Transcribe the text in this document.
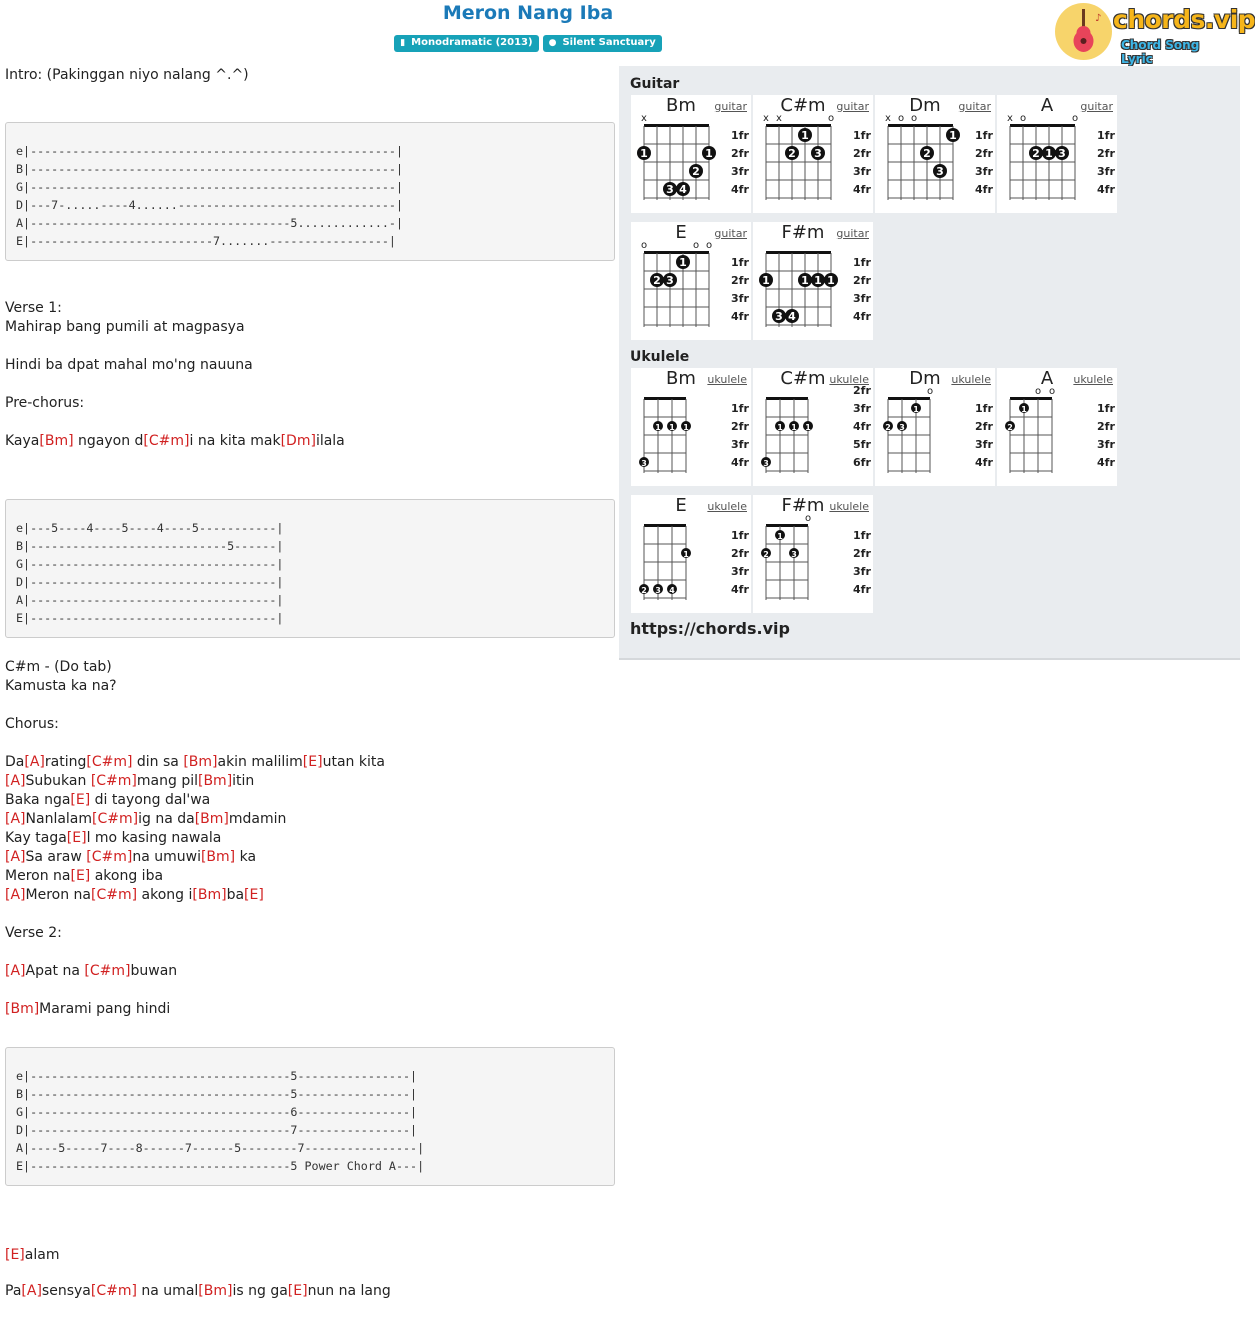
Meron Nang Iba
▮ Monodramatic (2013) ● Silent Sanctuary
♪ chords.vip
Chord Song Lyric
Intro: (Pakinggan niyo nalang ^.^)
e|----------------------------------------------------|
B|----------------------------------------------------|
G|----------------------------------------------------|
D|---7-.....----4......-------------------------------|
A|-------------------------------------5.............-|
E|--------------------------7.......-----------------|
Verse 1:
Mahirap bang pumili at magpasya
Hindi ba dpat mahal mo'ng nauuna
Pre-chorus:
Kaya[Bm] ngayon d[C#m]i na kita mak[Dm]ilala
e|---5----4----5----4----5-----------|
B|----------------------------5------|
G|-----------------------------------|
D|-----------------------------------|
A|-----------------------------------|
E|-----------------------------------|
C#m - (Do tab)
Kamusta ka na?
Chorus:
Da[A]rating[C#m] din sa [Bm]akin malilim[E]utan kita
[A]Subukan [C#m]mang pil[Bm]itin
Baka nga[E] di tayong dal'wa
[A]Nanlalam[C#m]ig na da[Bm]mdamin
Kay taga[E]l mo kasing nawala
[A]Sa araw [C#m]na umuwi[Bm] ka
Meron na[E] akong iba
[A]Meron na[C#m] akong i[Bm]ba[E]
Verse 2:
[A]Apat na [C#m]buwan
[Bm]Marami pang hindi
e|-------------------------------------5----------------|
B|-------------------------------------5----------------|
G|-------------------------------------6----------------|
D|-------------------------------------7----------------|
A|----5-----7----8------7------5--------7----------------|
E|-------------------------------------5 Power Chord A---|
[E]alam
Pa[A]sensya[C#m] na umal[Bm]is ng ga[E]nun na lang
Guitar
Bm	guitar
1fr
2fr
3fr
4fr
x
1	1
2
3 4
C#m guitar
1fr
2fr
3fr
4fr
x x	o
1
2 3
Dm	guitar
1fr
2fr
3fr
4fr
x o o
1
2
3
A	guitar
1fr
2fr
3fr
4fr
x o	o
2 1 3
E	guitar
1fr
2fr
3fr
4fr
o	o o
1
2 3
F#m	guitar
1fr
2fr
3fr
4fr
1	1 1 1
3 4
Ukulele
Bm	ukulele
1fr
2fr
3fr
4fr
1 1 1
3
C#m ukulele
2fr
3fr
4fr
5fr
6fr
1 1 1
3
Dm ukulele
1fr
2fr
3fr
4fr
o
1
2 3
A	ukulele
1fr
2fr
3fr
4fr
o o
1
2
E	ukulele
1fr
2fr
3fr
4fr
1
2 3 4
F#m ukulele
1fr
2fr
3fr
4fr
o
1
2	3
https://chords.vip
